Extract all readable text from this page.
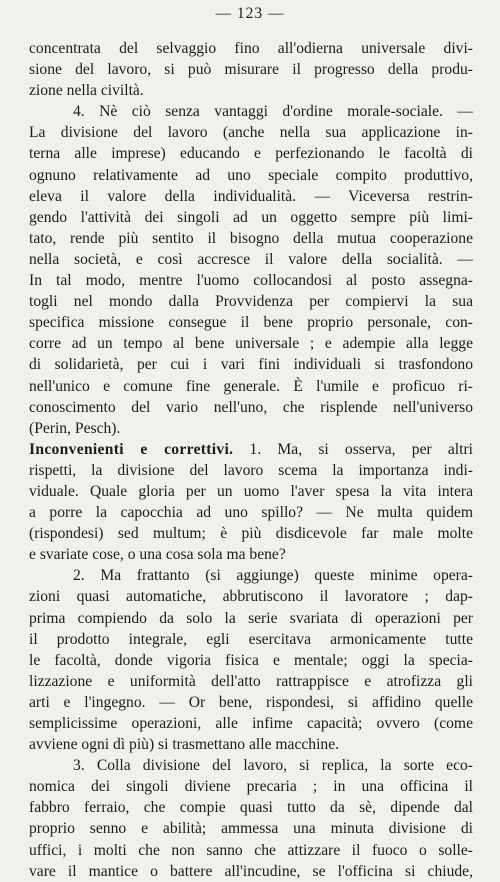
— 123 —
concentrata del selvaggio fino all'odierna universale divi-
sione del lavoro, si può misurare il progresso della produ-
zione nella civiltà.
4. Nè ciò senza vantaggi d'ordine morale-sociale. —
La divisione del lavoro (anche nella sua applicazione in-
terna alle imprese) educando e perfezionando le facoltà di
ognuno relativamente ad uno speciale compito produttivo,
eleva il valore della individualità. — Viceversa restrin-
gendo l'attività dei singoli ad un oggetto sempre più limi-
tato, rende più sentito il bisogno della mutua cooperazione
nella società, e così accresce il valore della socialità. —
In tal modo, mentre l'uomo collocandosi al posto assegna-
togli nel mondo dalla Provvidenza per compiervi la sua
specifica missione consegue il bene proprio personale, con-
corre ad un tempo al bene universale ; e adempie alla legge
di solidarietà, per cui i vari fini individuali si trasfondono
nell'unico e comune fine generale. È l'umile e proficuo ri-
conoscimento del vario nell'uno, che risplende nell'universo
(Perin, Pesch).
Inconvenienti e correttivi. 1. Ma, si osserva, per altri
rispetti, la divisione del lavoro scema la importanza indi-
viduale. Quale gloria per un uomo l'aver spesa la vita intera
a porre la capocchia ad uno spillo? — Ne multa quidem
(rispondesi) sed multum; è più disdicevole far male molte
e svariate cose, o una cosa sola ma bene?
2. Ma frattanto (si aggiunge) queste minime opera-
zioni quasi automatiche, abbrutiscono il lavoratore ; dap-
prima compiendo da solo la serie svariata di operazioni per
il prodotto integrale, egli esercitava armonicamente tutte
le facoltà, donde vigoria fisica e mentale; oggi la specia-
lizzazione e uniformità dell'atto rattrappisce e atrofizza gli
arti e l'ingegno. — Or bene, rispondesi, si affidino quelle
semplicissime operazioni, alle infime capacità; ovvero (come
avviene ogni dì più) si trasmettano alle macchine.
3. Colla divisione del lavoro, si replica, la sorte eco-
nomica dei singoli diviene precaria ; in una officina il
fabbro ferraio, che compie quasi tutto da sè, dipende dal
proprio senno e abilità; ammessa una minuta divisione di
uffici, i molti che non sanno che attizzare il fuoco o solle-
vare il mantice o battere all'incudine, se l'officina si chiude,
